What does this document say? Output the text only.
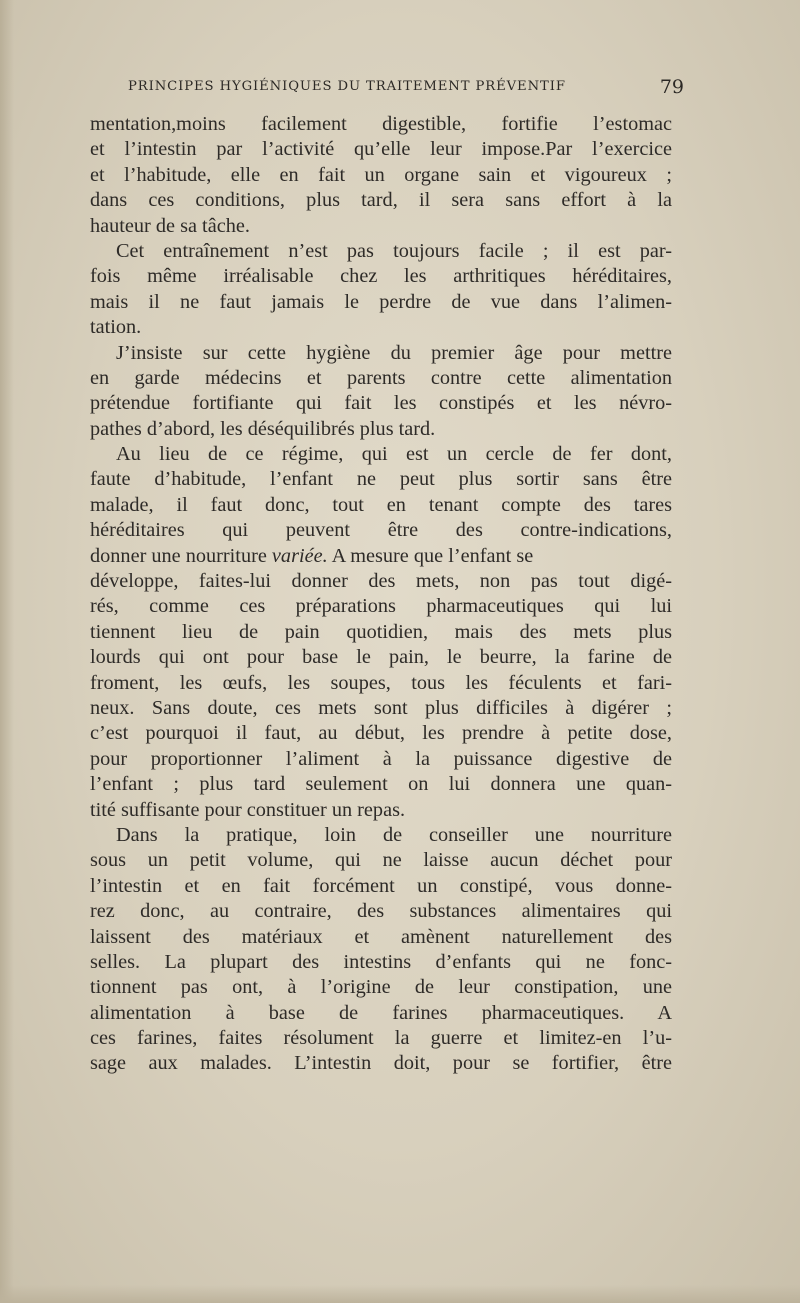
PRINCIPES HYGIÉNIQUES DU TRAITEMENT PRÉVENTIF	79
mentation,moins facilement digestible, fortifie l’estomac
et l’intestin par l’activité qu’elle leur impose.Par l’exercice
et l’habitude, elle en fait un organe sain et vigoureux ;
dans ces conditions, plus tard, il sera sans effort à la
hauteur de sa tâche.
Cet entraînement n’est pas toujours facile ; il est par-
fois même irréalisable chez les arthritiques héréditaires,
mais il ne faut jamais le perdre de vue dans l’alimen-
tation.
J’insiste sur cette hygiène du premier âge pour mettre
en garde médecins et parents contre cette alimentation
prétendue fortifiante qui fait les constipés et les névro-
pathes d’abord, les déséquilibrés plus tard.
Au lieu de ce régime, qui est un cercle de fer dont,
faute d’habitude, l’enfant ne peut plus sortir sans être
malade, il faut donc, tout en tenant compte des tares
héréditaires qui peuvent être des contre-indications,
donner une nourriture variée. A mesure que l’enfant se
développe, faites-lui donner des mets, non pas tout digé-
rés, comme ces préparations pharmaceutiques qui lui
tiennent lieu de pain quotidien, mais des mets plus
lourds qui ont pour base le pain, le beurre, la farine de
froment, les œufs, les soupes, tous les féculents et fari-
neux. Sans doute, ces mets sont plus difficiles à digérer ;
c’est pourquoi il faut, au début, les prendre à petite dose,
pour proportionner l’aliment à la puissance digestive de
l’enfant ; plus tard seulement on lui donnera une quan-
tité suffisante pour constituer un repas.
Dans la pratique, loin de conseiller une nourriture
sous un petit volume, qui ne laisse aucun déchet pour
l’intestin et en fait forcément un constipé, vous donne-
rez donc, au contraire, des substances alimentaires qui
laissent des matériaux et amènent naturellement des
selles. La plupart des intestins d’enfants qui ne fonc-
tionnent pas ont, à l’origine de leur constipation, une
alimentation à base de farines pharmaceutiques. A
ces farines, faites résolument la guerre et limitez-en l’u-
sage aux malades. L’intestin doit, pour se fortifier, être
